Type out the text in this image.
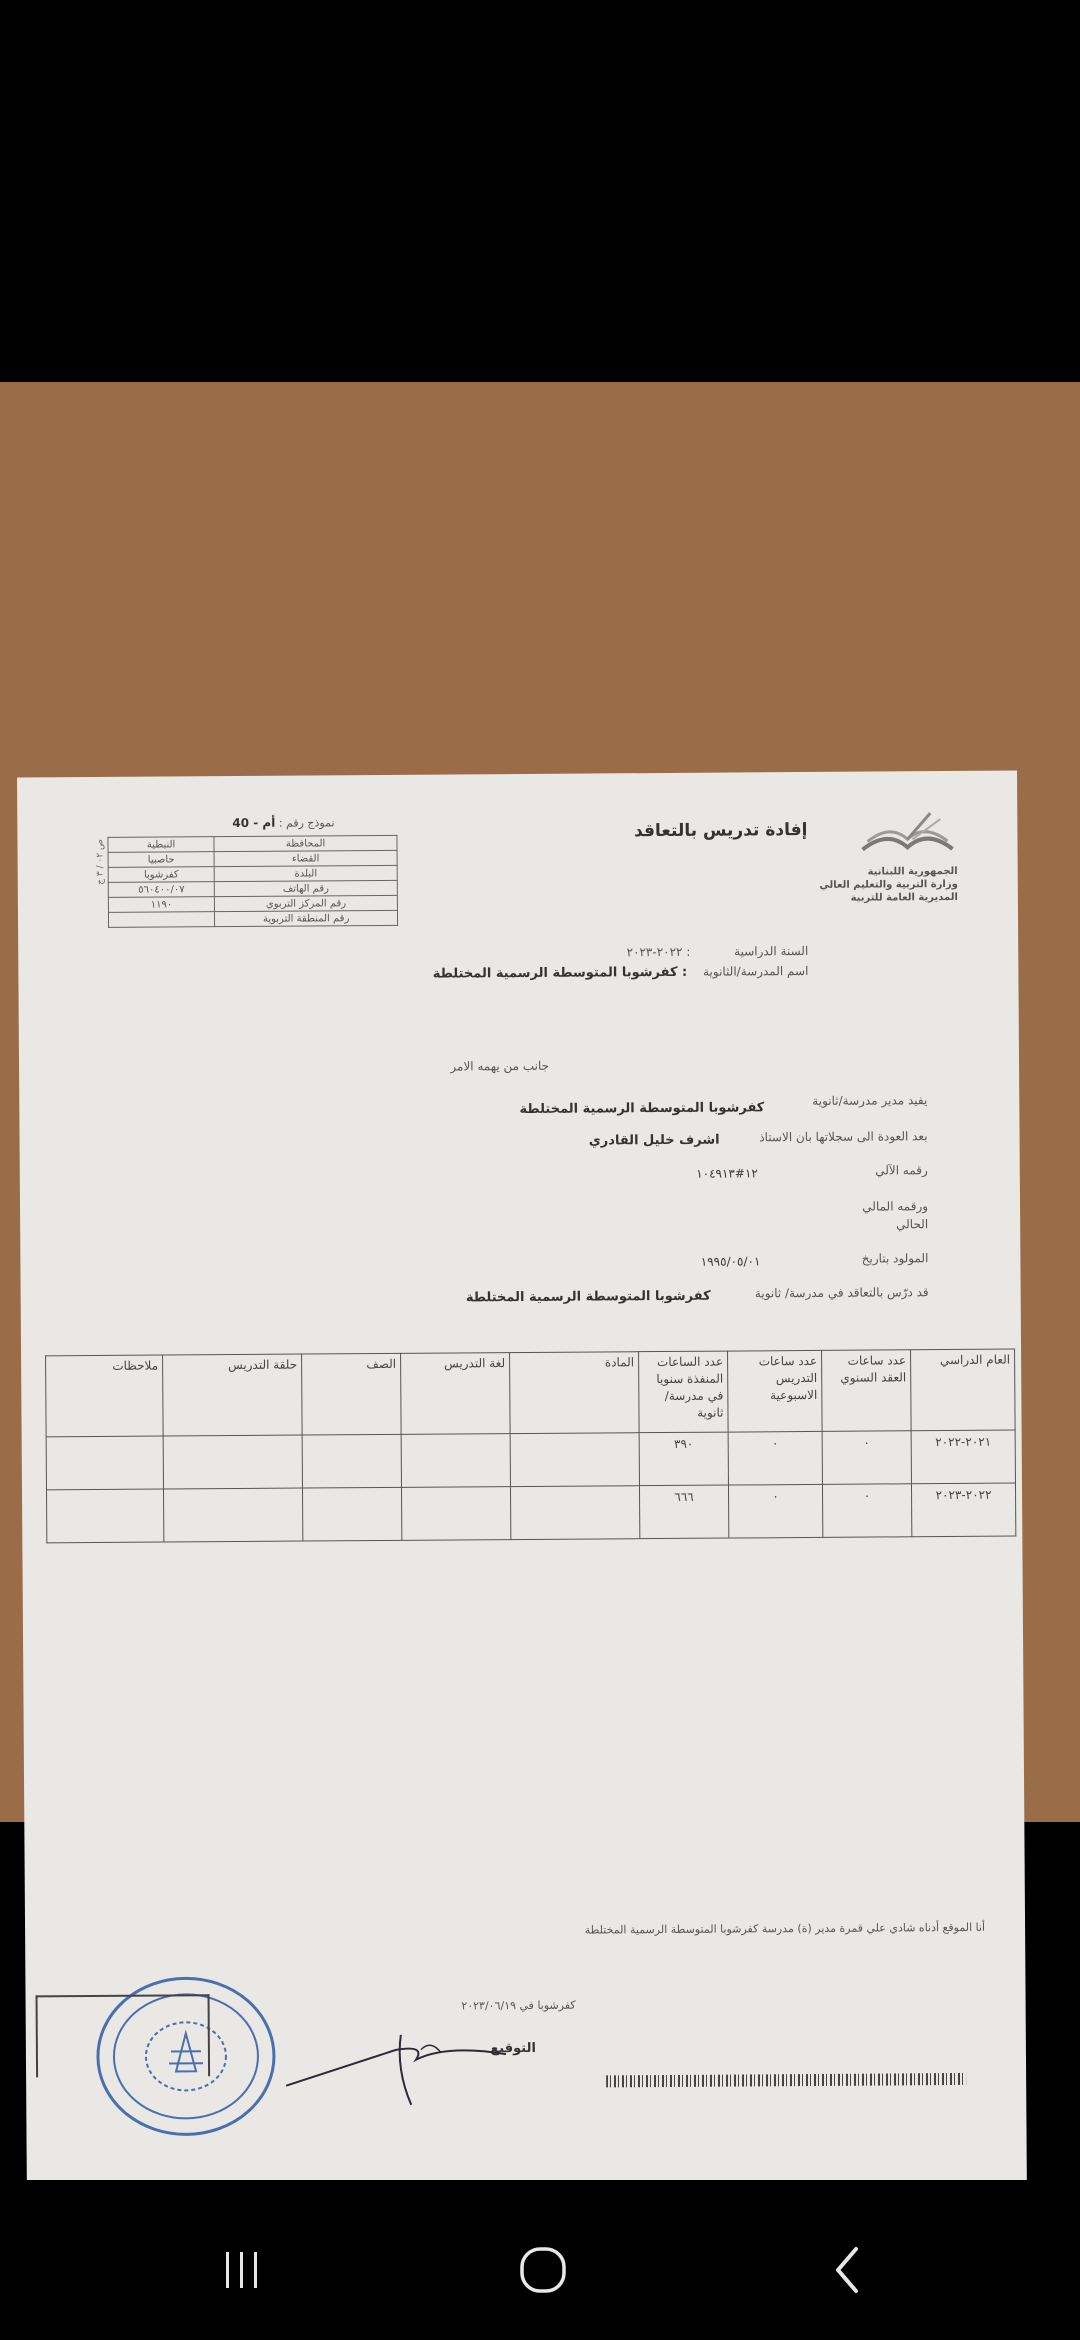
الجمهورية اللبنانية
وزارة التربية والتعليم العالي
المديرية العامة للتربية
إفادة تدريس بالتعاقد
نموذج رقم : أم - 40
ص ۰۲ / ٣ ج	المحافظة	النبطية
القضاء	حاصبيا
البلدة	كفرشوبا
رقم الهاتف	۰۷/٥٦۰٤۰۰
رقم المركز التربوي	١١٩٠
رقم المنطقة التربوية	
السنة الدراسية : ٢٠٢٢-٢٠٢٣
اسم المدرسة/الثانوية : كفرشوبا المتوسطة الرسمية المختلطة
جانب من يهمه الامر
يفيد مدير مدرسة/ثانوية
كفرشوبا المتوسطة الرسمية المختلطة
بعد العودة الى سجلاتها بان الاستاذ
اشرف خليل القادري
رقمه الآلي
١٢#١٠٤٩١٣
ورقمه المالي
الحالي
المولود بتاريخ
١٩٩٥/٠٥/٠١
قد درّس بالتعاقد في مدرسة/ ثانوية
كفرشوبا المتوسطة الرسمية المختلطة
العام الدراسي	عدد ساعات العقد السنوي	عدد ساعات التدريس الاسبوعية	عدد الساعات المنفذة سنويا في مدرسة/ثانوية	المادة	لغة التدريس	الصف	حلقة التدريس	ملاحظات
٢٠٢١-٢٠٢٢	٠	٠	٣٩٠					
٢٠٢٢-٢٠٢٣	٠	٠	٦٦٦					
أنا الموقع أدناه شادي علي قمرة مدير (ة) مدرسة كفرشوبا المتوسطة الرسمية المختلطة
كفرشوبا في ٢٠٢٣/٠٦/١٩
التوقيع
